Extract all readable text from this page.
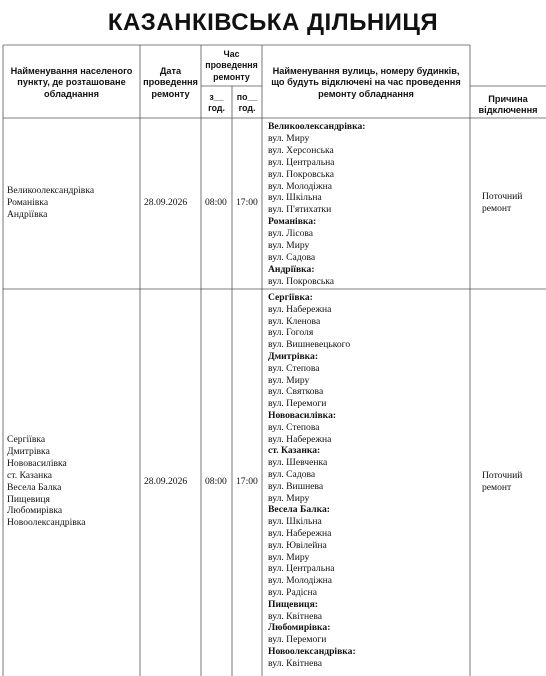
КАЗАНКІВСЬКА ДІЛЬНИЦЯ
Найменування населеного
пункту, де розташоване
обладнання
Дата
проведення
ремонту
Час
проведення
ремонту
з__
год.
по__
год.
Найменування вулиць, номеру будинків,
що будуть відключені на час проведення
ремонту обладнання
Причина
відключення
Великоолександрівка
Романівка
Андріївка
28.09.2026 08:00 17:00
Поточний
ремонт
Великоолександрівка:
вул. Миру
вул. Херсонська
вул. Центральна
вул. Покровська
вул. Молодіжна
вул. Шкільна
вул. П'ятихатки
Романівка:
вул. Лісова
вул. Миру
вул. Садова
Андріївка:
вул. Покровська
Сергіївка
Дмитрівка
Нововасилівка
ст. Казанка
Весела Балка
Пищевиця
Любомирівка
Новоолександрівка
28.09.2026 08:00 17:00
Поточний
ремонт
Сергіївка:
вул. Набережна
вул. Кленова
вул. Гоголя
вул. Вишневецького
Дмитрівка:
вул. Степова
вул. Миру
вул. Святкова
вул. Перемоги
Нововасилівка:
вул. Степова
вул. Набережна
ст. Казанка:
вул. Шевченка
вул. Садова
вул. Вишнева
вул. Миру
Весела Балка:
вул. Шкільна
вул. Набережна
вул. Ювілейна
вул. Миру
вул. Центральна
вул. Молодіжна
вул. Радісна
Пищевиця:
вул. Квітнева
Любомирівка:
вул. Перемоги
Новоолександрівка:
вул. Квітнева
